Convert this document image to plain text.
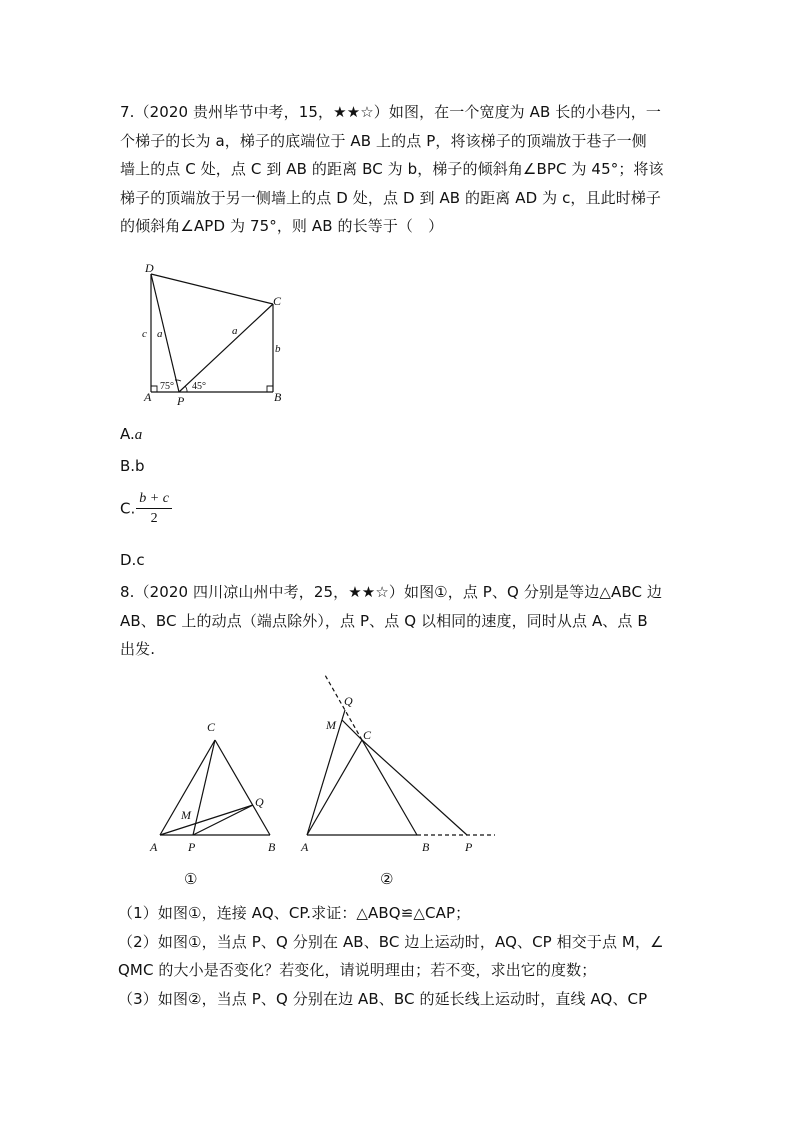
7.（2020 贵州毕节中考，15，★★☆）如图，在一个宽度为 AB 长的小巷内，一
个梯子的长为 a，梯子的底端位于 AB 上的点 P，将该梯子的顶端放于巷子一侧
墙上的点 C 处，点 C 到 AB 的距离 BC 为 b，梯子的倾斜角∠BPC 为 45°；将该
梯子的顶端放于另一侧墙上的点 D 处，点 D 到 AB 的距离 AD 为 c，且此时梯子
的倾斜角∠APD 为 75°，则 AB 的长等于（　）
D
C
A P	B
c a	a
b
75° 45°
A.a
B.b
C. $\frac{b + c}{2}$
D.c
8.（2020 四川凉山州中考，25，★★☆）如图①，点 P、Q 分别是等边△ABC 边
AB、BC 上的动点（端点除外），点 P、点 Q 以相同的速度，同时从点 A、点 B
出发.
C
Q
M
A	P	B
①
Q
M
C
A	B	P
②
（1）如图①，连接 AQ、CP.求证：△ABQ≌△CAP；
（2）如图①，当点 P、Q 分别在 AB、BC 边上运动时，AQ、CP 相交于点 M，∠
QMC 的大小是否变化？若变化，请说明理由；若不变，求出它的度数；
（3）如图②，当点 P、Q 分别在边 AB、BC 的延长线上运动时，直线 AQ、CP
